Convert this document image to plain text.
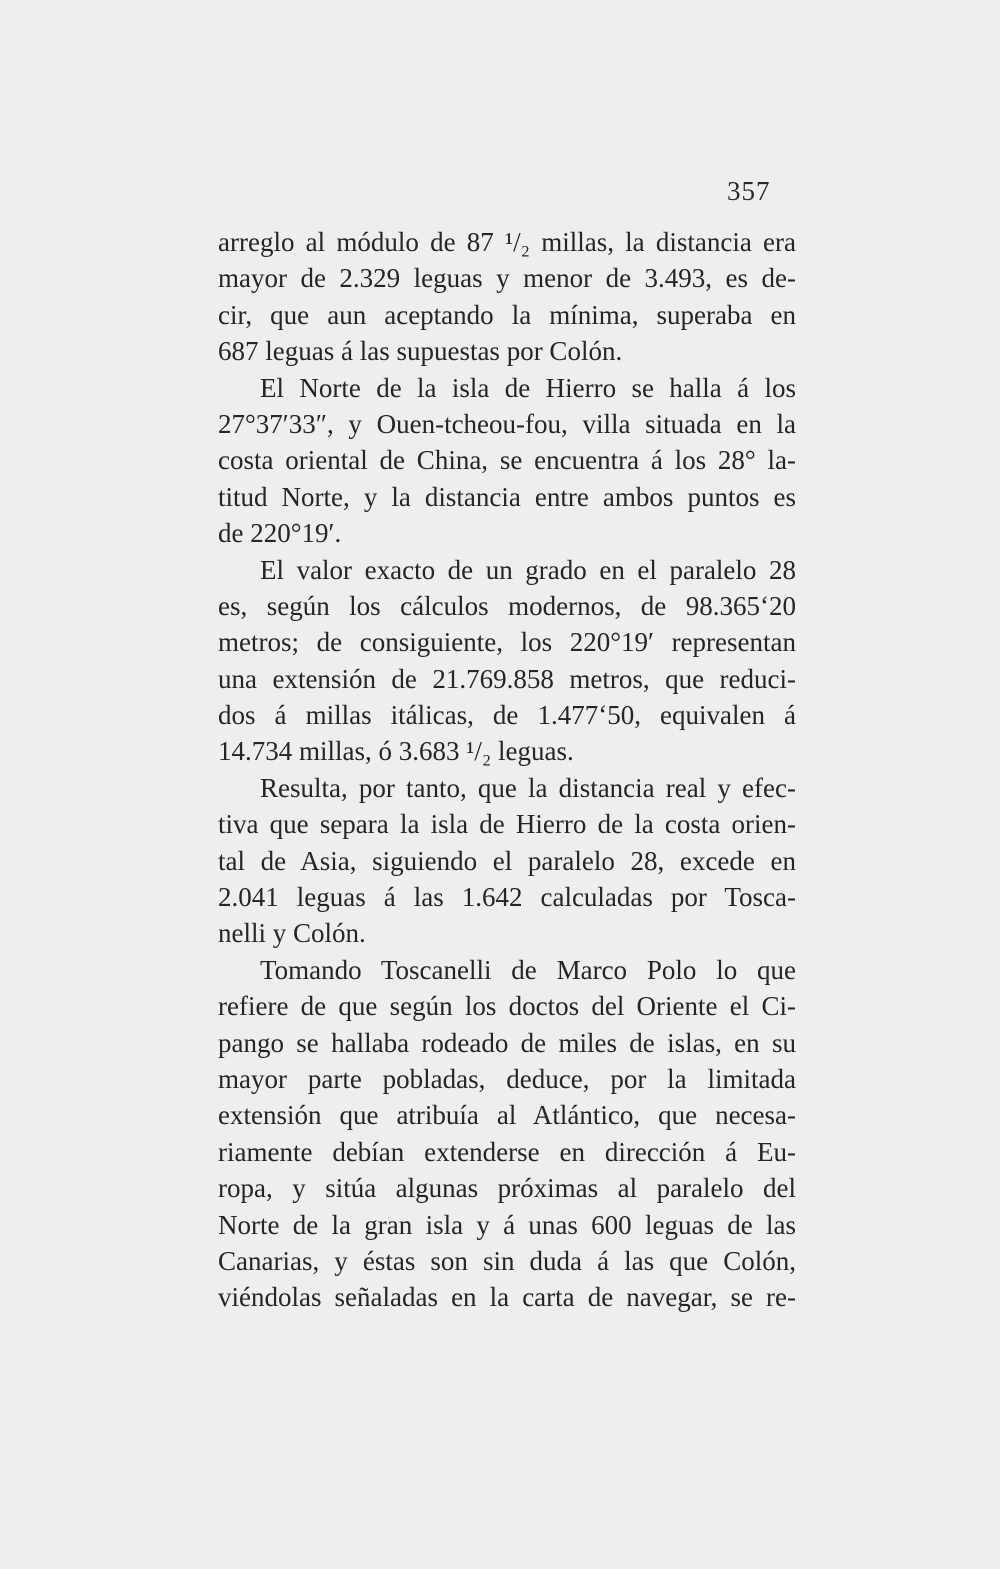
357
arreglo al módulo de 87 ¹/₂ millas, la distancia era
mayor de 2.329 leguas y menor de 3.493, es de-
cir, que aun aceptando la mínima, superaba en
687 leguas á las supuestas por Colón.
El Norte de la isla de Hierro se halla á los
27°37′33″, y Ouen-tcheou-fou, villa situada en la
costa oriental de China, se encuentra á los 28° la-
titud Norte, y la distancia entre ambos puntos es
de 220°19′.
El valor exacto de un grado en el paralelo 28
es, según los cálculos modernos, de 98.365‘20
metros; de consiguiente, los 220°19′ representan
una extensión de 21.769.858 metros, que reduci-
dos á millas itálicas, de 1.477‘50, equivalen á
14.734 millas, ó 3.683 ¹/₂ leguas.
Resulta, por tanto, que la distancia real y efec-
tiva que separa la isla de Hierro de la costa orien-
tal de Asia, siguiendo el paralelo 28, excede en
2.041 leguas á las 1.642 calculadas por Tosca-
nelli y Colón.
Tomando Toscanelli de Marco Polo lo que
refiere de que según los doctos del Oriente el Ci-
pango se hallaba rodeado de miles de islas, en su
mayor parte pobladas, deduce, por la limitada
extensión que atribuía al Atlántico, que necesa-
riamente debían extenderse en dirección á Eu-
ropa, y sitúa algunas próximas al paralelo del
Norte de la gran isla y á unas 600 leguas de las
Canarias, y éstas son sin duda á las que Colón,
viéndolas señaladas en la carta de navegar, se re-
